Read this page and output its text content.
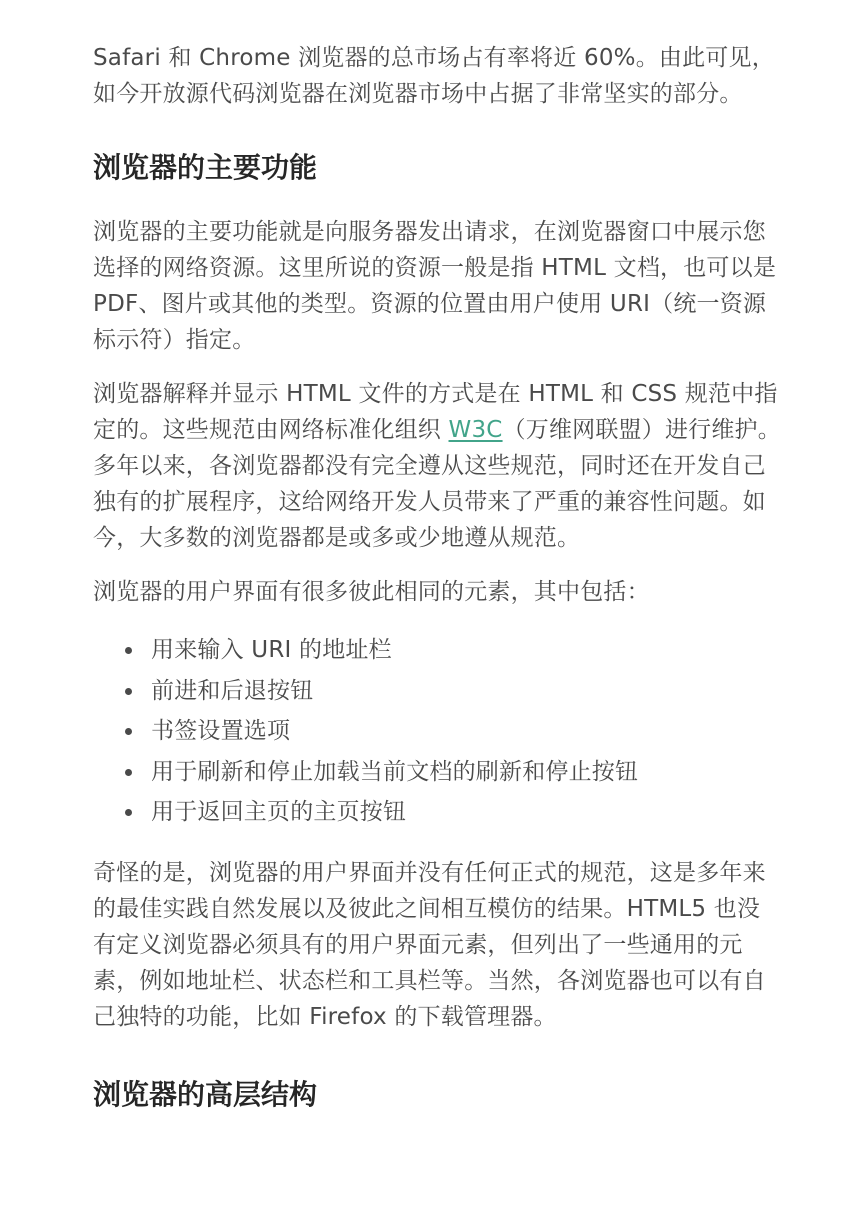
Safari 和 Chrome 浏览器的总市场占有率将近 60%。由此可见，如今开放源代码浏览器在浏览器市场中占据了非常坚实的部分。

浏览器的主要功能

浏览器的主要功能就是向服务器发出请求，在浏览器窗口中展示您选择的网络资源。这里所说的资源一般是指 HTML 文档，也可以是 PDF、图片或其他的类型。资源的位置由用户使用 URI（统一资源标示符）指定。

浏览器解释并显示 HTML 文件的方式是在 HTML 和 CSS 规范中指定的。这些规范由网络标准化组织 W3C（万维网联盟）进行维护。

多年以来，各浏览器都没有完全遵从这些规范，同时还在开发自己独有的扩展程序，这给网络开发人员带来了严重的兼容性问题。如今，大多数的浏览器都是或多或少地遵从规范。

浏览器的用户界面有很多彼此相同的元素，其中包括：

用来输入 URI 的地址栏
前进和后退按钮
书签设置选项
用于刷新和停止加载当前文档的刷新和停止按钮
用于返回主页的主页按钮

奇怪的是，浏览器的用户界面并没有任何正式的规范，这是多年来的最佳实践自然发展以及彼此之间相互模仿的结果。HTML5 也没有定义浏览器必须具有的用户界面元素，但列出了一些通用的元素，例如地址栏、状态栏和工具栏等。当然，各浏览器也可以有自己独特的功能，比如 Firefox 的下载管理器。

浏览器的高层结构
